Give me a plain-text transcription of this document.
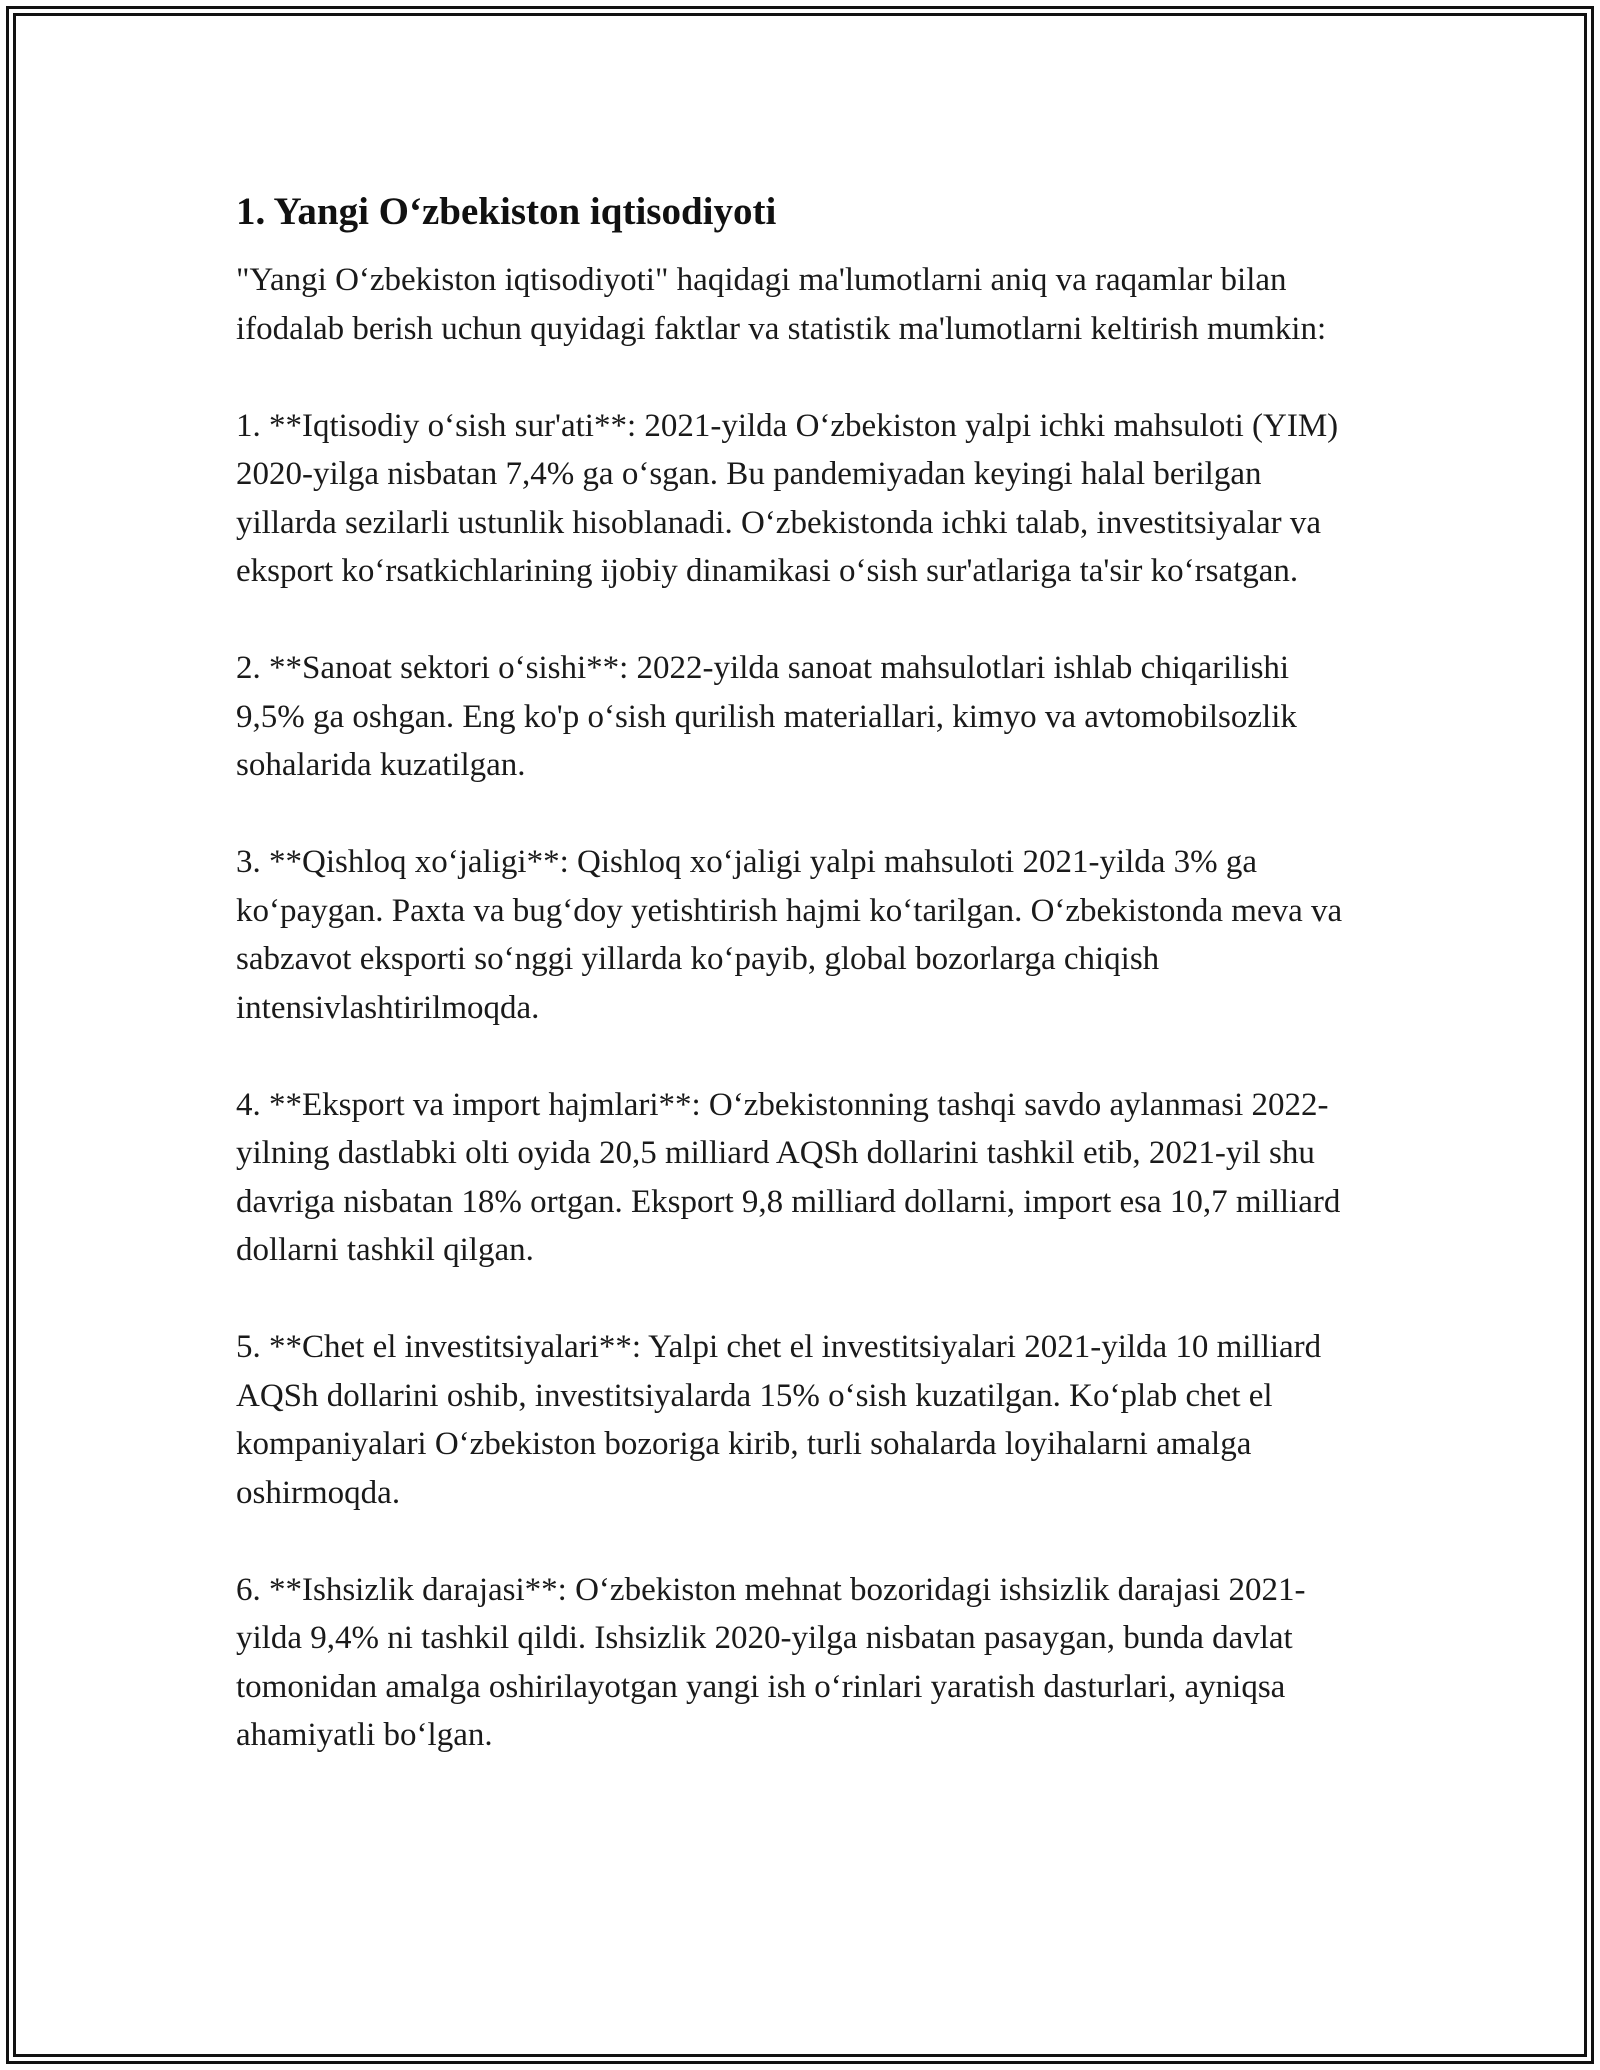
1. Yangi O‘zbekiston iqtisodiyoti

"Yangi O‘zbekiston iqtisodiyoti" haqidagi ma'lumotlarni aniq va raqamlar bilan ifodalab berish uchun quyidagi faktlar va statistik ma'lumotlarni keltirish mumkin:

1. **Iqtisodiy o‘sish sur'ati**: 2021-yilda O‘zbekiston yalpi ichki mahsuloti (YIM) 2020-yilga nisbatan 7,4% ga o‘sgan. Bu pandemiyadan keyingi halal berilgan yillarda sezilarli ustunlik hisoblanadi. O‘zbekistonda ichki talab, investitsiyalar va eksport ko‘rsatkichlarining ijobiy dinamikasi o‘sish sur'atlariga ta'sir ko‘rsatgan.

2. **Sanoat sektori o‘sishi**: 2022-yilda sanoat mahsulotlari ishlab chiqarilishi 9,5% ga oshgan. Eng ko'p o‘sish qurilish materiallari, kimyo va avtomobilsozlik sohalarida kuzatilgan.

3. **Qishloq xo‘jaligi**: Qishloq xo‘jaligi yalpi mahsuloti 2021-yilda 3% ga ko‘paygan. Paxta va bug‘doy yetishtirish hajmi ko‘tarilgan. O‘zbekistonda meva va sabzavot eksporti so‘nggi yillarda ko‘payib, global bozorlarga chiqish intensivlashtirilmoqda.

4. **Eksport va import hajmlari**: O‘zbekistonning tashqi savdo aylanmasi 2022-yilning dastlabki olti oyida 20,5 milliard AQSh dollarini tashkil etib, 2021-yil shu davriga nisbatan 18% ortgan. Eksport 9,8 milliard dollarni, import esa 10,7 milliard dollarni tashkil qilgan.

5. **Chet el investitsiyalari**: Yalpi chet el investitsiyalari 2021-yilda 10 milliard AQSh dollarini oshib, investitsiyalarda 15% o‘sish kuzatilgan. Ko‘plab chet el kompaniyalari O‘zbekiston bozoriga kirib, turli sohalarda loyihalarni amalga oshirmoqda.

6. **Ishsizlik darajasi**: O‘zbekiston mehnat bozoridagi ishsizlik darajasi 2021-yilda 9,4% ni tashkil qildi. Ishsizlik 2020-yilga nisbatan pasaygan, bunda davlat tomonidan amalga oshirilayotgan yangi ish o‘rinlari yaratish dasturlari, ayniqsa ahamiyatli bo‘lgan.
